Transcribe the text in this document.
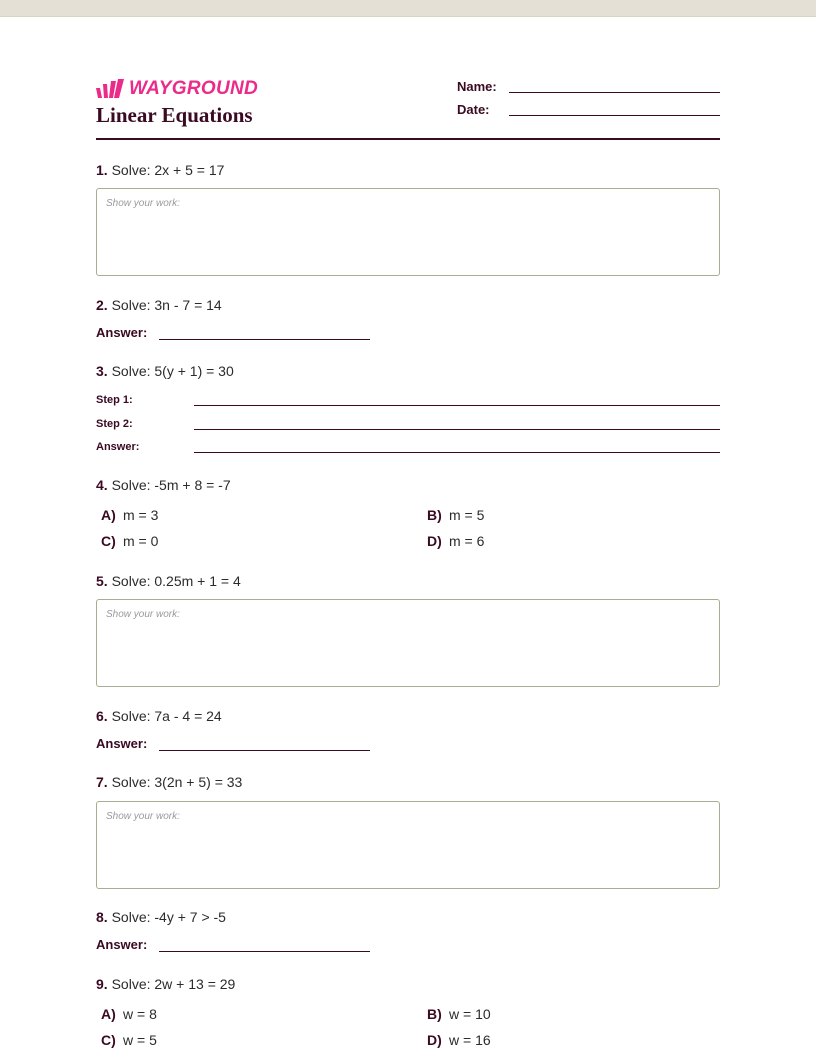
WAYGROUND
Linear Equations
Name:
Date:
1. Solve: 2x + 5 = 17
Show your work:
2. Solve: 3n - 7 = 14
Answer:
3. Solve: 5(y + 1) = 30
Step 1:
Step 2:
Answer:
4. Solve: -5m + 8 = -7
A) m = 3	B) m = 5
C) m = 0	D) m = 6
5. Solve: 0.25m + 1 = 4
Show your work:
6. Solve: 7a - 4 = 24
Answer:
7. Solve: 3(2n + 5) = 33
Show your work:
8. Solve: -4y + 7 > -5
Answer:
9. Solve: 2w + 13 = 29
A) w = 8	B) w = 10
C) w = 5	D) w = 16
